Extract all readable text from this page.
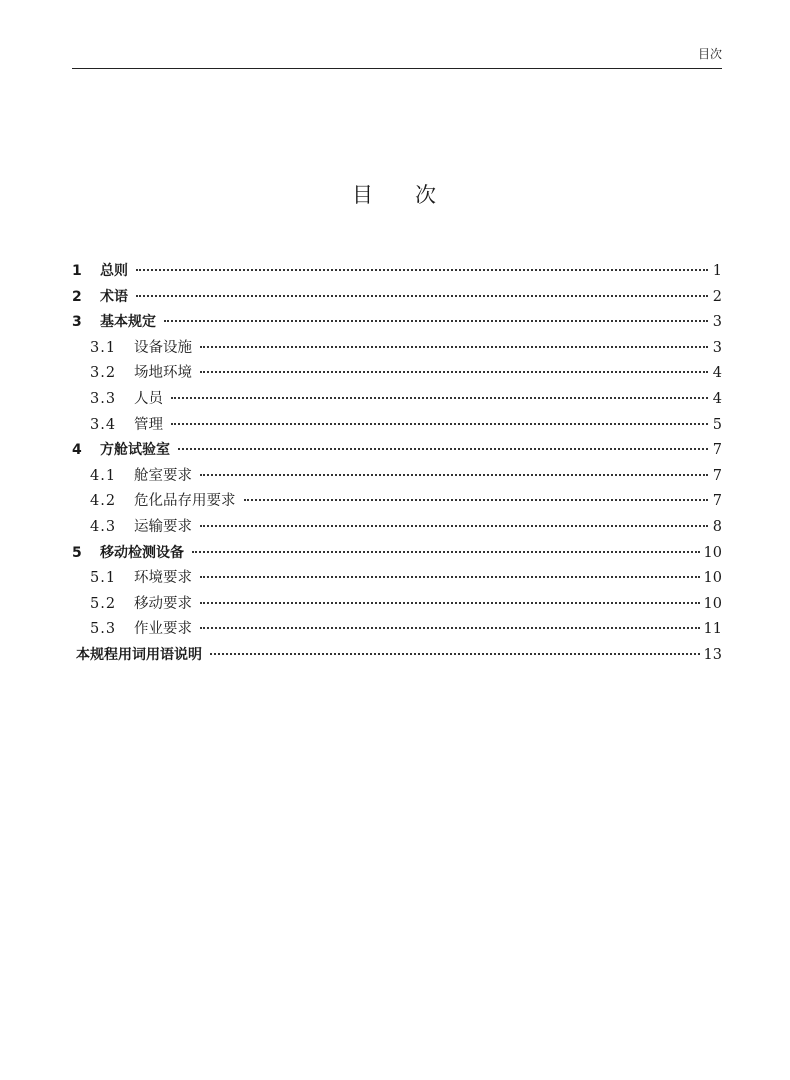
目次
目 次
1	总则	1
2	术语	2
3	基本规定	3
3.1	设备设施	3
3.2	场地环境	4
3.3	人员	4
3.4	管理	5
4	方舱试验室	7
4.1	舱室要求	7
4.2	危化品存用要求	7
4.3	运输要求	8
5	移动检测设备	10
5.1	环境要求	10
5.2	移动要求	10
5.3	作业要求	11
本规程用词用语说明	13
